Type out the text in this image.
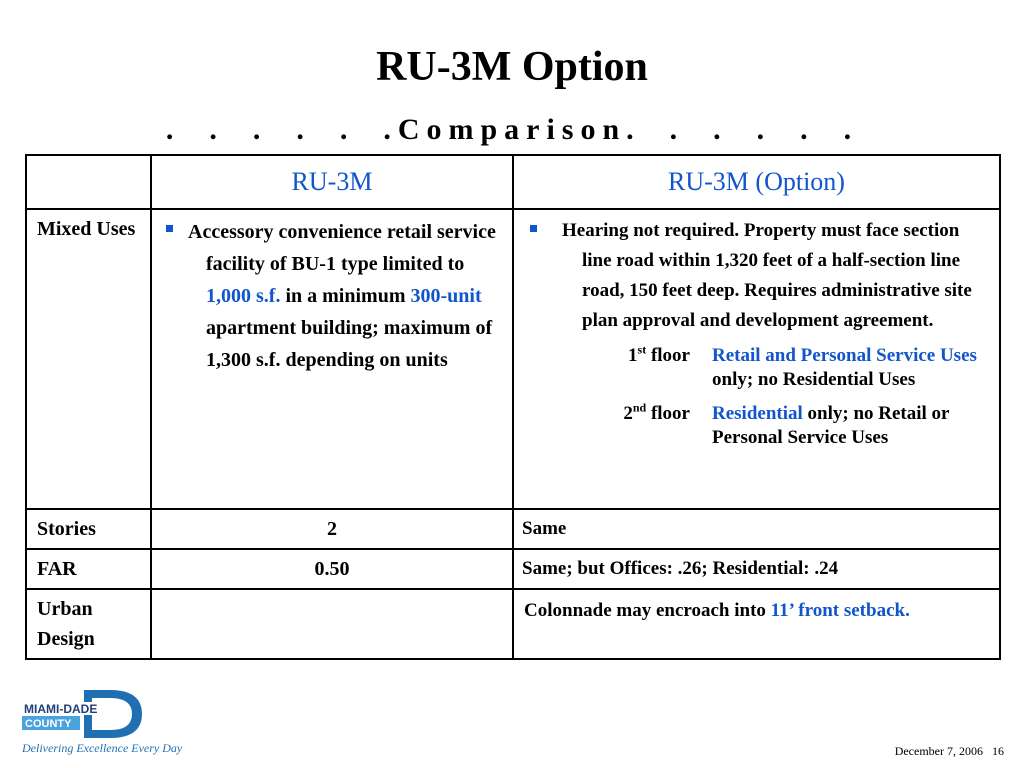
RU-3M Option
.  .  .  .  .  .Comparison.  .  .  .  .  .
	RU-3M	RU-3M (Option)
Mixed Uses	Accessory convenience retail service facility of BU-1 type limited to 1,000 s.f. in a minimum 300-unit apartment building; maximum of 1,300 s.f. depending on units	Hearing not required. Property must face section line road within 1,320 feet of a half-section line road, 150 feet deep. Requires administrative site plan approval and development agreement.
1st floor Retail and Personal Service Uses only; no Residential Uses
2nd floor Residential only; no Retail or Personal Service Uses

Stories	2	Same
FAR	0.50	Same; but Offices: .26; Residential: .24
Urban Design		Colonnade may encroach into 11’ front setback.
MIAMI-DADE
COUNTY
Delivering Excellence Every Day	December 7, 2006 16
